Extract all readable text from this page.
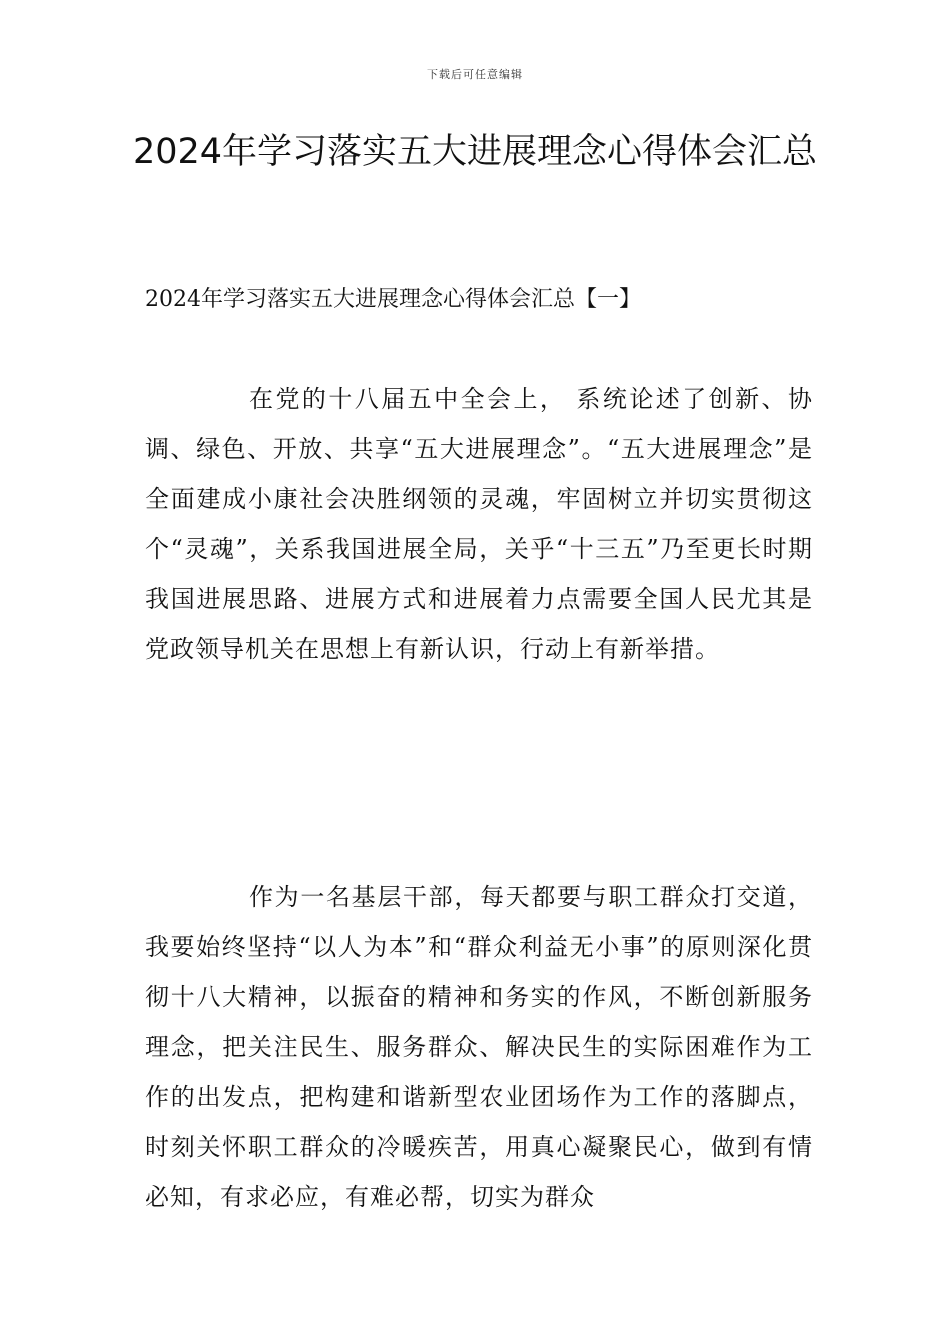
下载后可任意编辑
2024年学习落实五大进展理念心得体会汇总

2024年学习落实五大进展理念心得体会汇总【一】

在党的十八届五中全会上， 系统论述了创新、协调、绿色、开放、共享“五大进展理念”。“五大进展理念”是全面建成小康社会决胜纲领的灵魂，牢固树立并切实贯彻这个“灵魂”，关系我国进展全局，关乎“十三五”乃至更长时期我国进展思路、进展方式和进展着力点需要全国人民尤其是党政领导机关在思想上有新认识，行动上有新举措。

作为一名基层干部，每天都要与职工群众打交道，我要始终坚持“以人为本”和“群众利益无小事”的原则深化贯彻十八大精神，以振奋的精神和务实的作风，不断创新服务理念，把关注民生、服务群众、解决民生的实际困难作为工作的出发点，把构建和谐新型农业团场作为工作的落脚点，时刻关怀职工群众的冷暖疾苦，用真心凝聚民心，做到有情必知，有求必应，有难必帮，切实为群众
